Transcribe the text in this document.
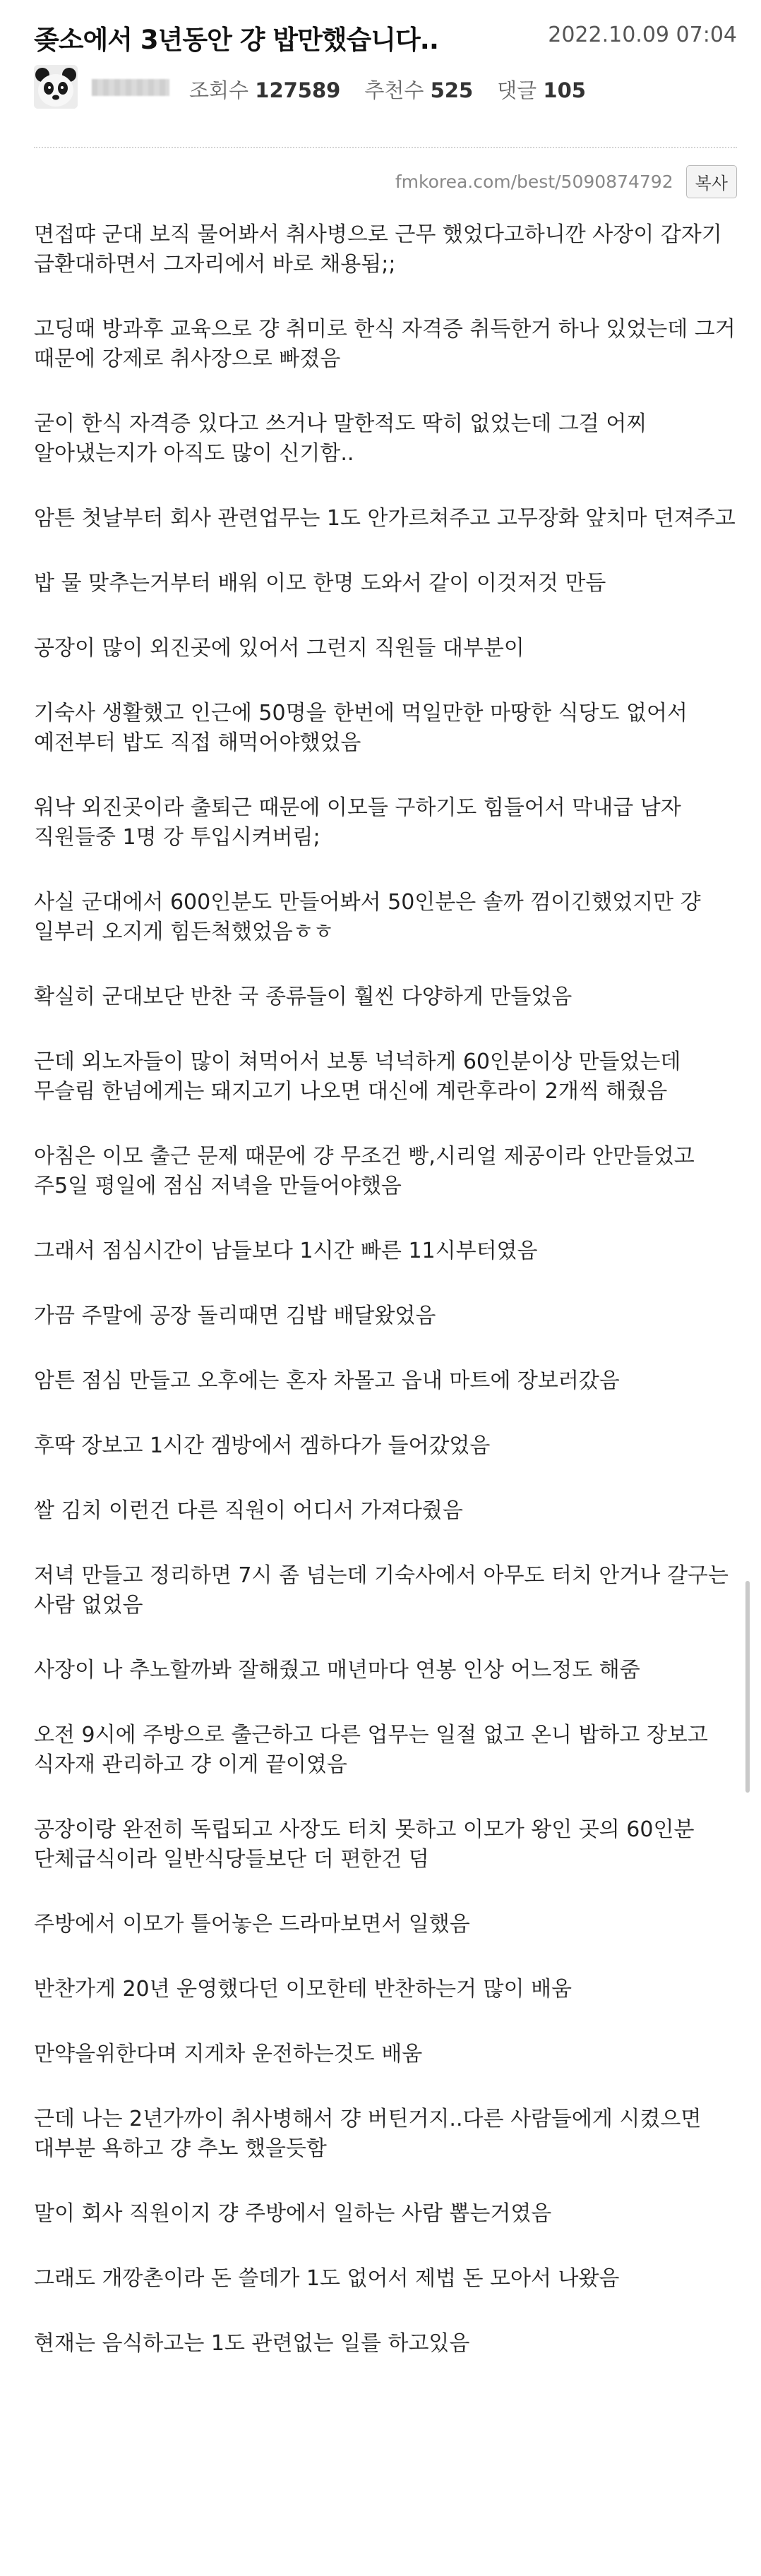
좆소에서 3년동안 걍 밥만했습니다..	2022.10.09 07:04
조회수 127589 추천수 525 댓글 105
fmkorea.com/best/5090874792	복사

면접땨 군대 보직 물어봐서 취사병으로 근무 했었다고하니깐 사장이 갑자기 급환대하면서 그자리에서 바로 채용됨;;

고딩때 방과후 교육으로 걍 취미로 한식 자격증 취득한거 하나 있었는데 그거 때문에 강제로 취사장으로 빠졌음

굳이 한식 자격증 있다고 쓰거나 말한적도 딱히 없었는데 그걸 어찌 알아냈는지가 아직도 많이 신기함..

암튼 첫날부터 회사 관련업무는 1도 안가르쳐주고 고무장화 앞치마 던져주고

밥 물 맞추는거부터 배워 이모 한명 도와서 같이 이것저것 만듬

공장이 많이 외진곳에 있어서 그런지 직원들 대부분이

기숙사 생활했고 인근에 50명을 한번에 먹일만한 마땅한 식당도 없어서 예전부터 밥도 직접 해먹어야했었음

워낙 외진곳이라 출퇴근 때문에 이모들 구하기도 힘들어서 막내급 남자 직원들중 1명 강 투입시켜버림;

사실 군대에서 600인분도 만들어봐서 50인분은 솔까 껌이긴했었지만 걍 일부러 오지게 힘든척했었음ㅎㅎ

확실히 군대보단 반찬 국 종류들이 훨씬 다양하게 만들었음

근데 외노자들이 많이 쳐먹어서 보통 넉넉하게 60인분이상 만들었는데
무슬림 한넘에게는 돼지고기 나오면 대신에 계란후라이 2개씩 해줬음

아침은 이모 출근 문제 때문에 걍 무조건 빵,시리얼 제공이라 안만들었고 주5일 평일에 점심 저녁을 만들어야했음

그래서 점심시간이 남들보다 1시간 빠른 11시부터였음

가끔 주말에 공장 돌리때면 김밥 배달왔었음

암튼 점심 만들고 오후에는 혼자 차몰고 읍내 마트에 장보러갔음

후딱 장보고 1시간 겜방에서 겜하다가 들어갔었음

쌀 김치 이런건 다른 직원이 어디서 가져다줬음

저녁 만들고 정리하면 7시 좀 넘는데 기숙사에서 아무도 터치 안거나 갈구는 사람 없었음

사장이 나 추노할까봐 잘해줬고 매년마다 연봉 인상 어느정도 해줌

오전 9시에 주방으로 출근하고 다른 업무는 일절 없고 온니 밥하고 장보고 식자재 관리하고 걍 이게 끝이였음

공장이랑 완전히 독립되고 사장도 터치 못하고 이모가 왕인 곳의 60인분 단체급식이라 일반식당들보단 더 편한건 덤

주방에서 이모가 틀어놓은 드라마보면서 일했음

반찬가게 20년 운영했다던 이모한테 반찬하는거 많이 배움

만약을위한다며 지게차 운전하는것도 배움

근데 나는 2년가까이 취사병해서 걍 버틴거지..다른 사람들에게 시켰으면 대부분 욕하고 걍 추노 했을듯함

말이 회사 직원이지 걍 주방에서 일하는 사람 뽑는거였음

그래도 개깡촌이라 돈 쓸데가 1도 없어서 제법 돈 모아서 나왔음

현재는 음식하고는 1도 관련없는 일를 하고있음
